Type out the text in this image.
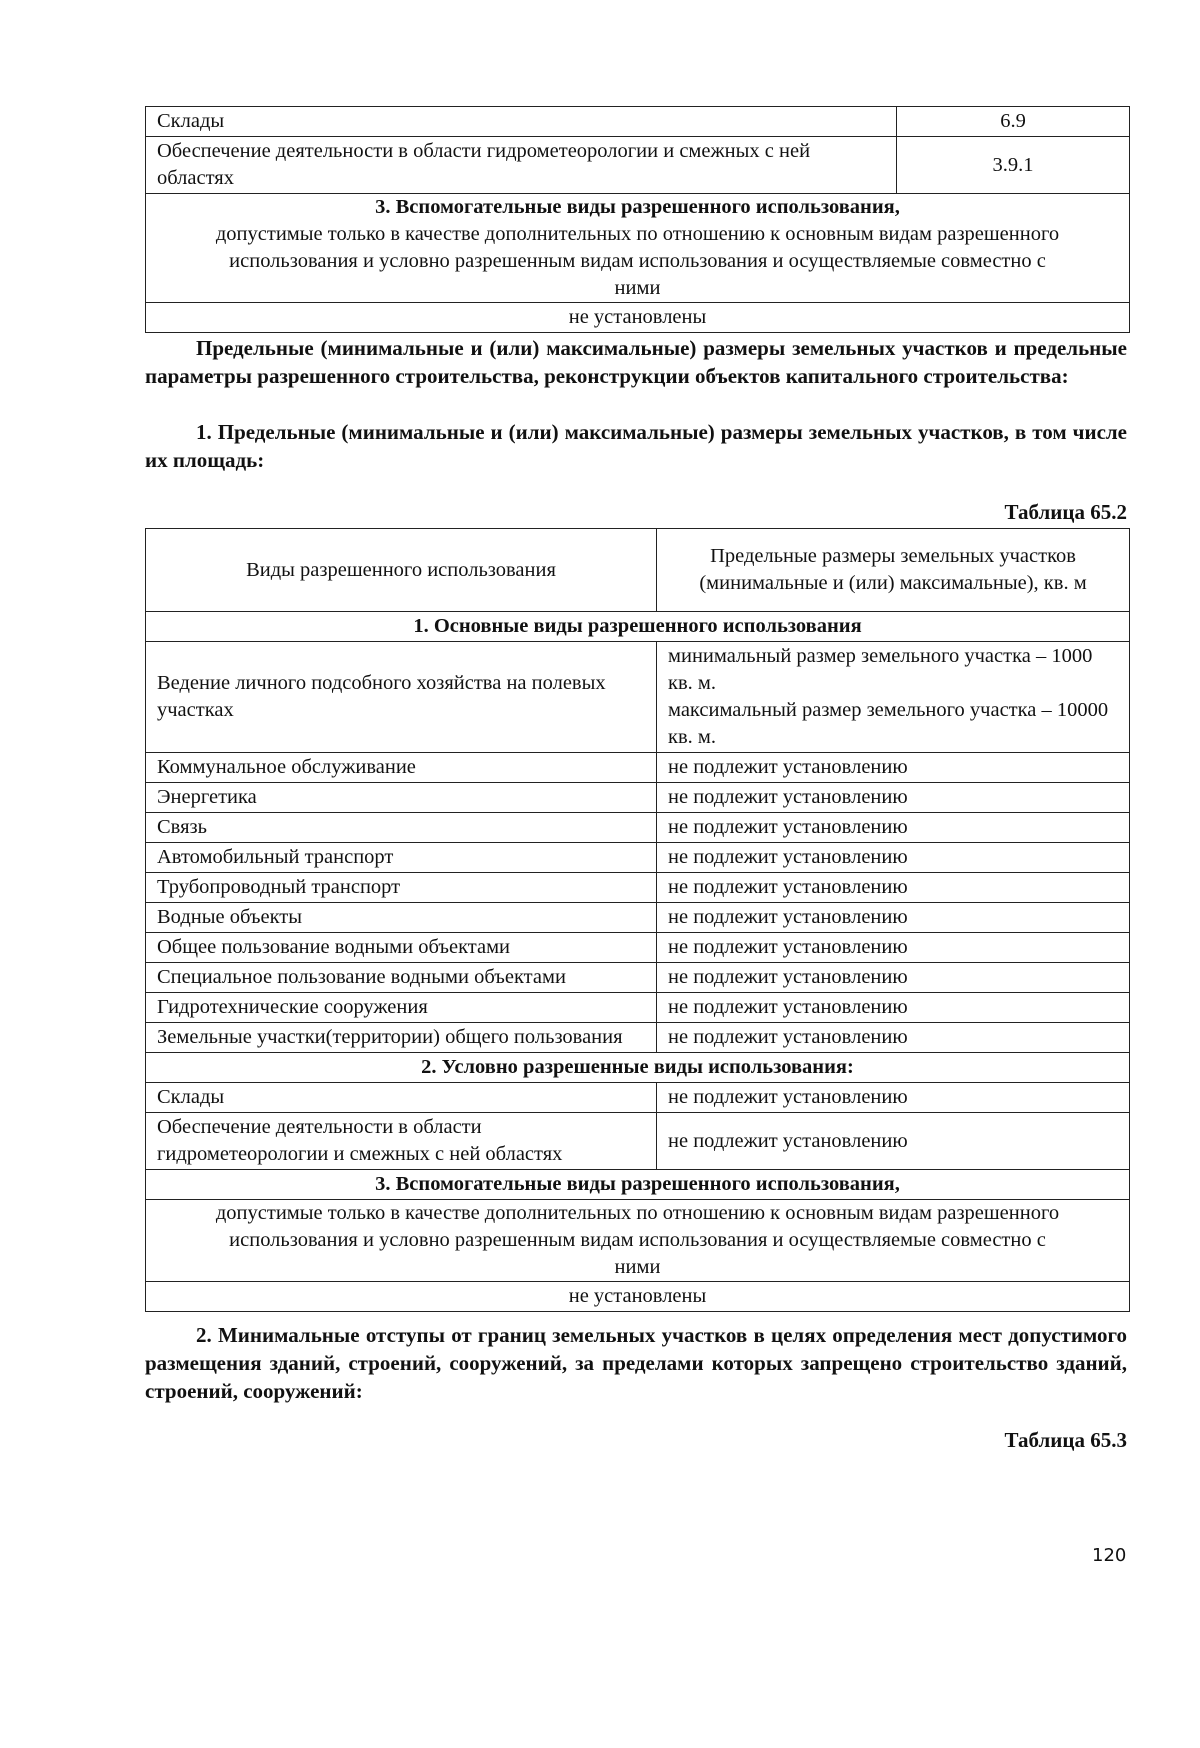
Склады	6.9
Обеспечение деятельности в области гидрометеорологии и смежных с ней областях	3.9.1
3. Вспомогательные виды разрешенного использования,
допустимые только в качестве дополнительных по отношению к основным видам разрешенного использования и условно разрешенным видам использования и осуществляемые совместно с ними	

не установлены	
Предельные (минимальные и (или) максимальные) размеры земельных участков и предельные параметры разрешенного строительства, реконструкции объектов капитального строительства:
1. Предельные (минимальные и (или) максимальные) размеры земельных участков, в том числе их площадь:
Таблица 65.2
Виды разрешенного использования	Предельные размеры земельных участков (минимальные и (или) максимальные), кв. м
1. Основные виды разрешенного использования	
Ведение личного подсобного хозяйства на полевых участках	минимальный размер земельного участка – 1000 кв. м.
максимальный размер земельного участка – 10000 кв. м.

Коммунальное обслуживание	не подлежит установлению
Энергетика	не подлежит установлению
Связь	не подлежит установлению
Автомобильный транспорт	не подлежит установлению
Трубопроводный транспорт	не подлежит установлению
Водные объекты	не подлежит установлению
Общее пользование водными объектами	не подлежит установлению
Специальное пользование водными объектами	не подлежит установлению
Гидротехнические сооружения	не подлежит установлению
Земельные участки(территории) общего пользования	не подлежит установлению
2. Условно разрешенные виды использования:	
Склады	не подлежит установлению
Обеспечение деятельности в области гидрометеорологии и смежных с ней областях	не подлежит установлению
3. Вспомогательные виды разрешенного использования,	
допустимые только в качестве дополнительных по отношению к основным видам разрешенного использования и условно разрешенным видам использования и осуществляемые совместно с ними	
не установлены	
2. Минимальные отступы от границ земельных участков в целях определения мест допустимого размещения зданий, строений, сооружений, за пределами которых запрещено строительство зданий, строений, сооружений:
Таблица 65.3
120
